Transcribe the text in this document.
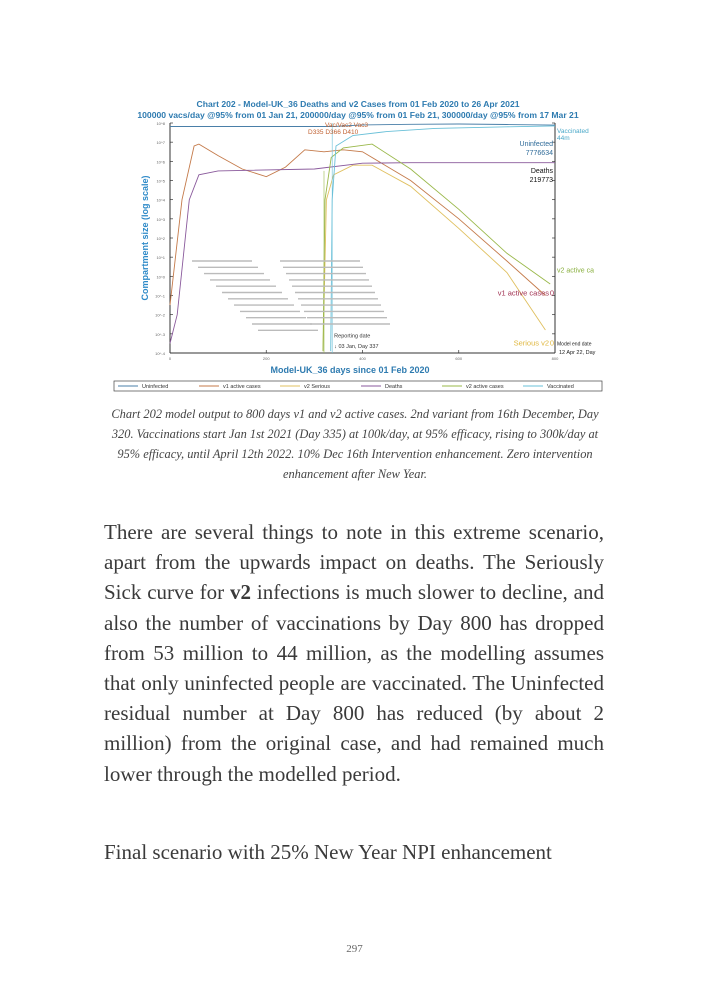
Chart 202 - Model-UK_36 Deaths and v2 Cases from 01 Feb 2020 to 26 Apr 2021
100000 vacs/day @95% from 01 Jan 21, 200000/day @95% from 01 Feb 21, 300000/day @95% from 17 Mar 21
Compartment size (log scale)
Model-UK_36 days since 01 Feb 2020
10^8
10^7
10^6
10^5
10^4
10^3
10^2
10^1
10^0
10^-1
10^-2
10^-3
10^-4
0	200	400	600	800
Vac/Vac2 Vac3
D335 D366 D410	Vaccinated
44m
Uninfected
7776634
Deaths
219773
v2 active ca
v1 active cases 0
Serious v2 0 Model end date
12 Apr 22, Day
Reporting date
↓ 03 Jan, Day 337
Uninfected	v1 active cases	v2 Serious	Deaths	v2 active cases	Vaccinated
Chart 202 model output to 800 days v1 and v2 active cases. 2nd variant from 16th December, Day 320. Vaccinations start Jan 1st 2021 (Day 335) at 100k/day, at 95% efficacy, rising to 300k/day at 95% efficacy, until April 12th 2022. 10% Dec 16th Intervention enhancement. Zero intervention enhancement after New Year.

There are several things to note in this extreme scenario, apart from the upwards impact on deaths. The Seriously Sick curve for v2 infections is much slower to decline, and also the number of vaccinations by Day 800 has dropped from 53 million to 44 million, as the modelling assumes that only uninfected people are vaccinated. The Uninfected residual number at Day 800 has reduced (by about 2 million) from the original case, and had remained much lower through the modelled period.

Final scenario with 25% New Year NPI enhancement
297
